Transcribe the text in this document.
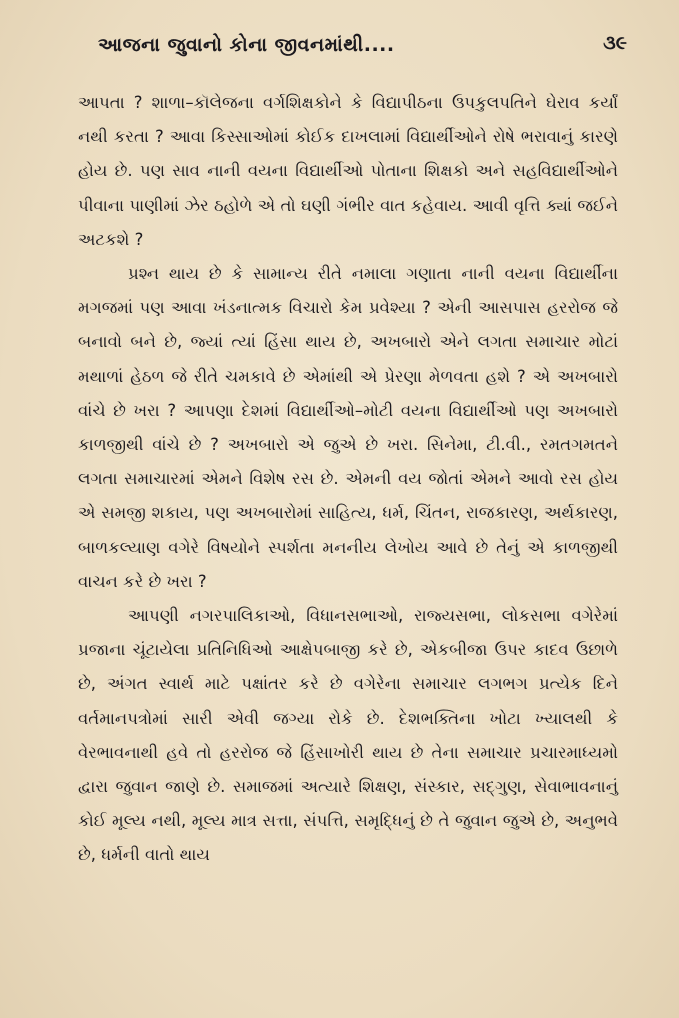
આજના જુવાનો કોના જીવનમાંથી....	૩૯

આપતા ? શાળા–કૉલેજના વર્ગશિક્ષકોને કે વિદ્યાપીઠના ઉપકુલપતિને ઘેરાવ કર્યાં નથી કરતા ? આવા કિસ્સાઓમાં કોઈક દાખલામાં વિદ્યાર્થીઓને રોષે ભરાવાનું કારણે હોય છે. પણ સાવ નાની વયના વિદ્યાર્થીઓ પોતાના શિક્ષકો અને સહવિદ્યાર્થીઓને પીવાના પાણીમાં ઝેર ઠહોળે એ તો ઘણી ગંભીર વાત કહેવાય. આવી વૃત્તિ ક્યાં જઈને અટકશે ?

પ્રશ્ન થાય છે કે સામાન્ય રીતે નમાલા ગણાતા નાની વયના વિદ્યાર્થીના મગજમાં પણ આવા ખંડનાત્મક વિચારો કેમ પ્રવેશ્યા ? એની આસપાસ હરરોજ જે બનાવો બને છે, જ્યાં ત્યાં હિંસા થાય છે, અખબારો એને લગતા સમાચાર મોટાં મથાળાં હેઠળ જે રીતે ચમકાવે છે એમાંથી એ પ્રેરણા મેળવતા હશે ? એ અખબારો વાંચે છે ખરા ? આપણા દેશમાં વિદ્યાર્થીઓ–મોટી વયના વિદ્યાર્થીઓ પણ અખબારો કાળજીથી વાંચે છે ? અખબારો એ જુએ છે ખરા. સિનેમા, ટી.વી., રમતગમતને લગતા સમાચારમાં એમને વિશેષ રસ છે. એમની વય જોતાં એમને આવો રસ હોય એ સમજી શકાય, પણ અખબારોમાં સાહિત્ય, ધર્મ, ચિંતન, રાજકારણ, અર્થકારણ, બાળકલ્યાણ વગેરે વિષયોને સ્પર્શતા મનનીય લેખોય આવે છે તેનું એ કાળજીથી વાચન કરે છે ખરા ?

આપણી નગરપાલિકાઓ, વિધાનસભાઓ, રાજ્યસભા, લોકસભા વગેરેમાં પ્રજાના ચૂંટાયેલા પ્રતિનિધિઓ આક્ષેપબાજી કરે છે, એકબીજા ઉપર કાદવ ઉછાળે છે, અંગત સ્વાર્થ માટે પક્ષાંતર કરે છે વગેરેના સમાચાર લગભગ પ્રત્યેક દિને વર્તમાનપત્રોમાં સારી એવી જગ્યા રોકે છે. દેશભક્તિના ખોટા ખ્યાલથી કે વેરભાવનાથી હવે તો હરરોજ જે હિંસાખોરી થાય છે તેના સમાચાર પ્રચારમાધ્યમો દ્વારા જુવાન જાણે છે. સમાજમાં અત્યારે શિક્ષણ, સંસ્કાર, સદ્‌ગુણ, સેવાભાવનાનું કોઈ મૂલ્ય નથી, મૂલ્ય માત્ર સત્તા, સંપત્તિ, સમૃદ્ધિનું છે તે જુવાન જુએ છે, અનુભવે છે, ધર્મની વાતો થાય
